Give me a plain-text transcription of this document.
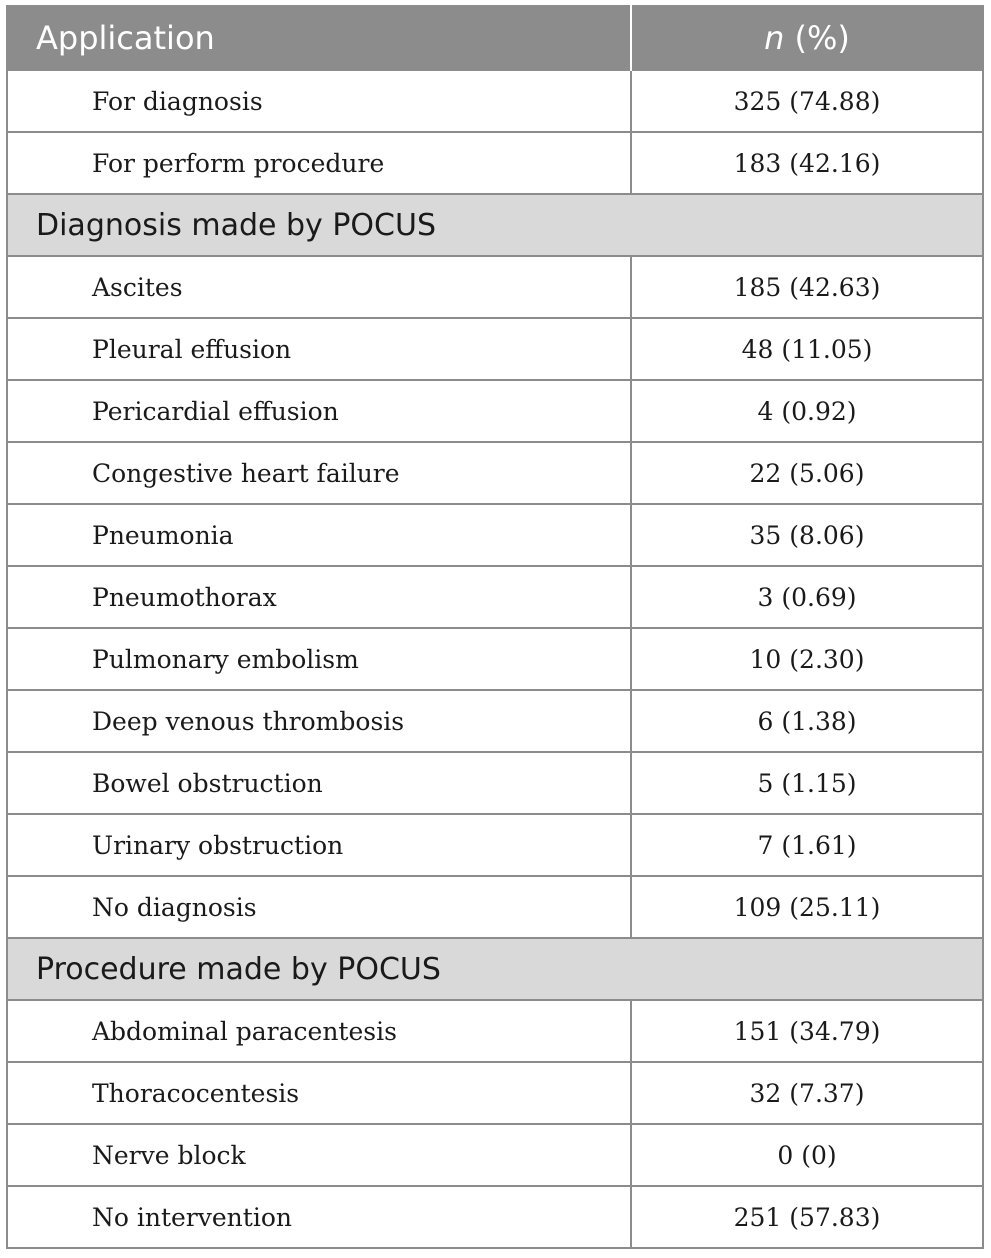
Application	n (%)
For diagnosis	325 (74.88)
For perform procedure	183 (42.16)
Diagnosis made by POCUS	
Ascites	185 (42.63)
Pleural effusion	48 (11.05)
Pericardial effusion	4 (0.92)
Congestive heart failure	22 (5.06)
Pneumonia	35 (8.06)
Pneumothorax	3 (0.69)
Pulmonary embolism	10 (2.30)
Deep venous thrombosis	6 (1.38)
Bowel obstruction	5 (1.15)
Urinary obstruction	7 (1.61)
No diagnosis	109 (25.11)
Procedure made by POCUS	
Abdominal paracentesis	151 (34.79)
Thoracocentesis	32 (7.37)
Nerve block	0 (0)
No intervention	251 (57.83)
